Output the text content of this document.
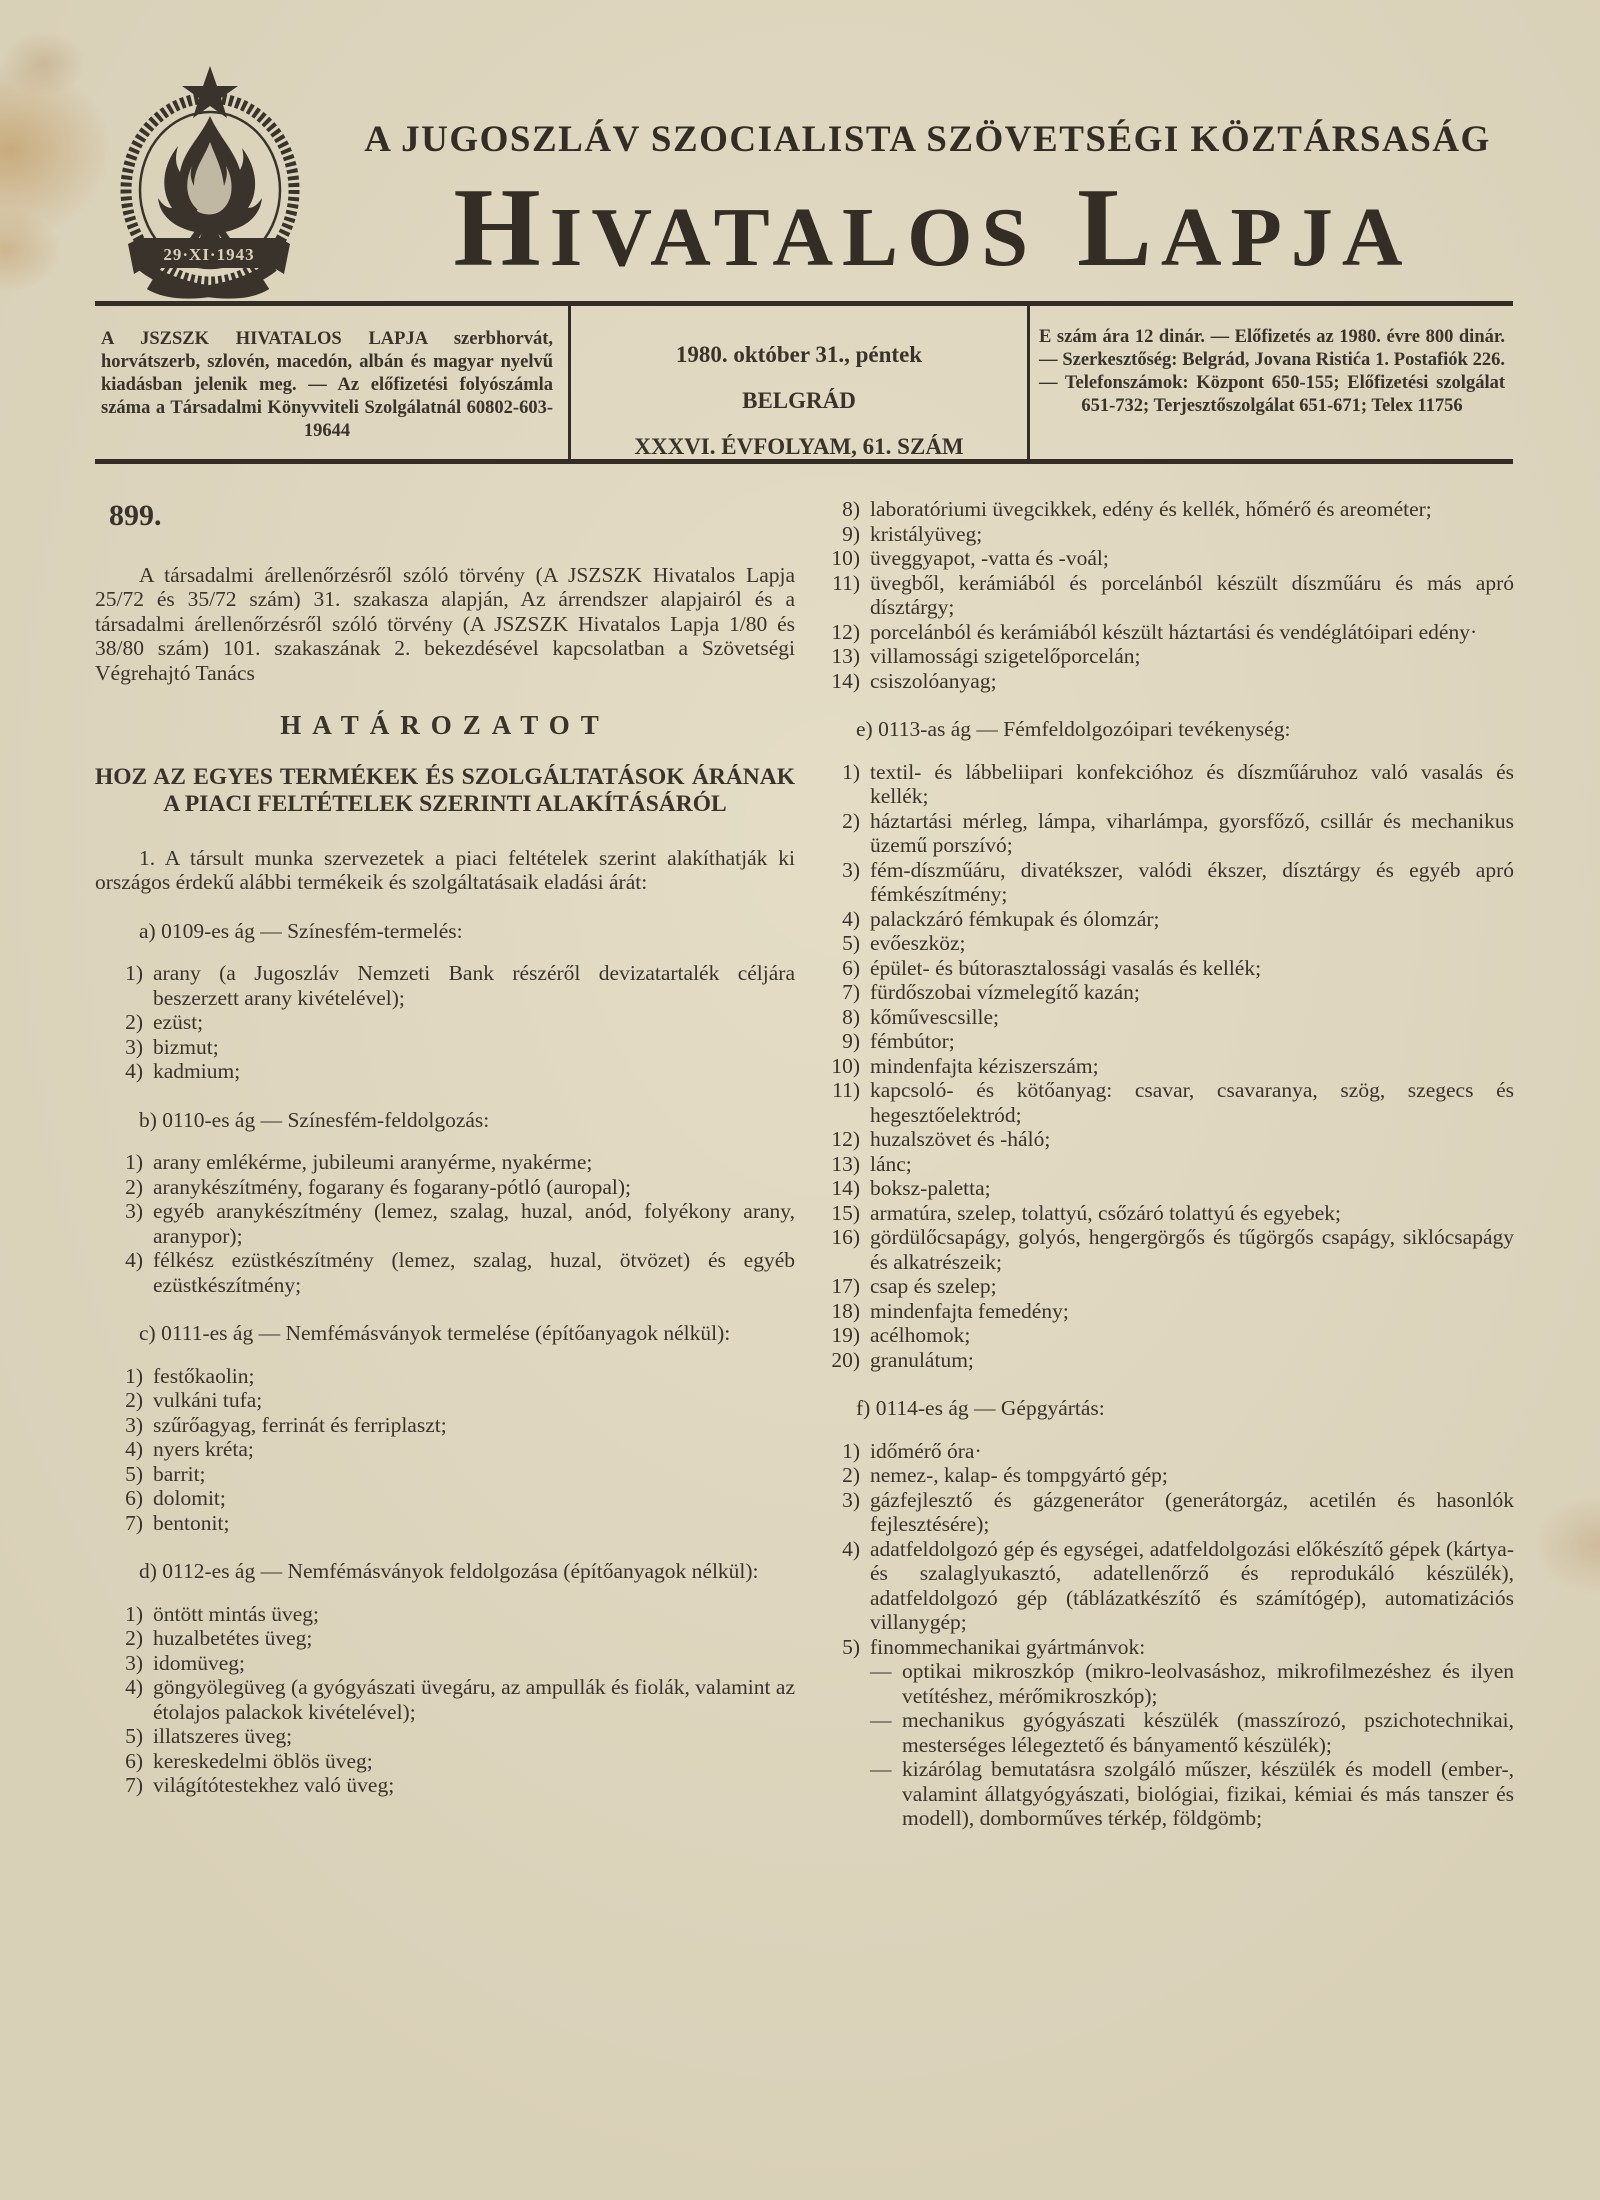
29·XI·1943
A JUGOSZLÁV SZOCIALISTA SZÖVETSÉGI KÖZTÁRSASÁG
HIVATALOS LAPJA
A JSZSZK HIVATALOS LAPJA szerbhorvát, horvátszerb, szlovén, macedón, albán és magyar nyelvű kiadásban jelenik meg. — Az előfizetési folyószámla száma a Társadalmi Könyvviteli Szolgálatnál 60802-603-19644
1980. október 31., péntek
BELGRÁD
XXXVI. ÉVFOLYAM, 61. SZÁM
E szám ára 12 dinár. — Előfizetés az 1980. évre 800 dinár. — Szerkesztőség: Belgrád, Jovana Ristića 1. Postafiók 226. — Telefonszámok: Központ 650-155; Előfizetési szolgálat 651-732; Terjesztőszolgálat 651-671; Telex 11756
899.

A társadalmi árellenőrzésről szóló törvény (A JSZSZK Hivatalos Lapja 25/72 és 35/72 szám) 31. szakasza alapján, Az árrendszer alapjairól és a társadalmi árellenőrzésről szóló törvény (A JSZSZK Hivatalos Lapja 1/80 és 38/80 szám) 101. szakaszának 2. bekezdésével kapcsolatban a Szövetségi Végrehajtó Tanács

HATÁROZATOT
HOZ AZ EGYES TERMÉKEK ÉS SZOLGÁLTATÁSOK ÁRÁNAK A PIACI FELTÉTELEK SZERINTI ALAKÍTÁSÁRÓL

1. A társult munka szervezetek a piaci feltételek szerint alakíthatják ki országos érdekű alábbi termékeik és szolgáltatásaik eladási árát:

a) 0109-es ág — Színesfém-termelés:

1) arany (a Jugoszláv Nemzeti Bank részéről devizatartalék céljára beszerzett arany kivételével);
2) ezüst;
3) bizmut;
4) kadmium;

b) 0110-es ág — Színesfém-feldolgozás:

1) arany emlékérme, jubileumi aranyérme, nyakérme;
2) aranykészítmény, fogarany és fogarany-pótló (auropal);
3) egyéb aranykészítmény (lemez, szalag, huzal, anód, folyékony arany, aranypor);
4) félkész ezüstkészítmény (lemez, szalag, huzal, ötvözet) és egyéb ezüstkészítmény;

c) 0111-es ág — Nemfémásványok termelése (építőanyagok nélkül):

1) festőkaolin;
2) vulkáni tufa;
3) szűrőagyag, ferrinát és ferriplaszt;
4) nyers kréta;
5) barrit;
6) dolomit;
7) bentonit;

d) 0112-es ág — Nemfémásványok feldolgozása (építőanyagok nélkül):

1) öntött mintás üveg;
2) huzalbetétes üveg;
3) idomüveg;
4) göngyölegüveg (a gyógyászati üvegáru, az ampullák és fiolák, valamint az étolajos palackok kivételével);
5) illatszeres üveg;
6) kereskedelmi öblös üveg;
7) világítótestekhez való üveg;
8) laboratóriumi üvegcikkek, edény és kellék, hőmérő és areométer;
9) kristályüveg;
10) üveggyapot, -vatta és -voál;
11) üvegből, kerámiából és porcelánból készült díszműáru és más apró dísztárgy;
12) porcelánból és kerámiából készült háztartási és vendéglátóipari edény·
13) villamossági szigetelőporcelán;
14) csiszolóanyag;

e) 0113-as ág — Fémfeldolgozóipari tevékenység:

1) textil- és lábbeliipari konfekcióhoz és díszműáruhoz való vasalás és kellék;
2) háztartási mérleg, lámpa, viharlámpa, gyorsfőző, csillár és mechanikus üzemű porszívó;
3) fém-díszműáru, divatékszer, valódi ékszer, dísztárgy és egyéb apró fémkészítmény;
4) palackzáró fémkupak és ólomzár;
5) evőeszköz;
6) épület- és bútorasztalossági vasalás és kellék;
7) fürdőszobai vízmelegítő kazán;
8) kőművescsille;
9) fémbútor;
10) mindenfajta kéziszerszám;
11) kapcsoló- és kötőanyag: csavar, csavaranya, szög, szegecs és hegesztőelektród;
12) huzalszövet és -háló;
13) lánc;
14) boksz-paletta;
15) armatúra, szelep, tolattyú, csőzáró tolattyú és egyebek;
16) gördülőcsapágy, golyós, hengergörgős és tűgörgős csapágy, siklócsapágy és alkatrészeik;
17) csap és szelep;
18) mindenfajta femedény;
19) acélhomok;
20) granulátum;

f) 0114-es ág — Gépgyártás:

1) időmérő óra·
2) nemez-, kalap- és tompgyártó gép;
3) gázfejlesztő és gázgenerátor (generátorgáz, acetilén és hasonlók fejlesztésére);
4) adatfeldolgozó gép és egységei, adatfeldolgozási előkészítő gépek (kártya- és szalaglyukasztó, adatellenőrző és reprodukáló készülék), adatfeldolgozó gép (táblázatkészítő és számítógép), automatizációs villanygép;
5) finommechanikai gyártmánvok:
— optikai mikroszkóp (mikro-leolvasáshoz, mikrofilmezéshez és ilyen vetítéshez, mérőmikroszkóp);
— mechanikus gyógyászati készülék (masszírozó, pszichotechnikai, mesterséges lélegeztető és bányamentő készülék);
— kizárólag bemutatásra szolgáló műszer, készülék és modell (ember-, valamint állatgyógyászati, biológiai, fizikai, kémiai és más tanszer és modell), domborműves térkép, földgömb;
